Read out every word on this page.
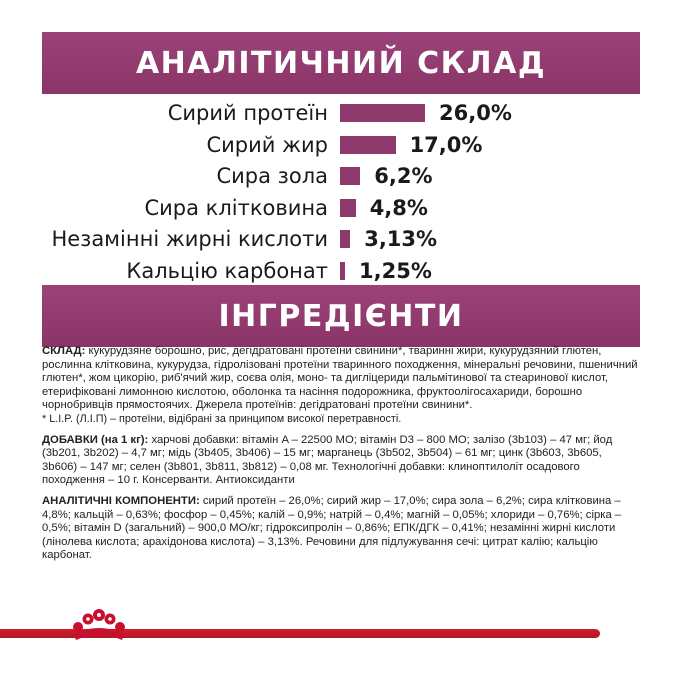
АНАЛІТИЧНИЙ СКЛАД
Сирий протеїн	26,0%
Сирий жир	17,0%
Сира зола 6,2%
Сира клітковина 4,8%
Незамінні жирні кислоти 3,13%
Кальцію карбонат 1,25%
ІНГРЕДІЄНТИ

СКЛАД: кукурудзяне борошно, рис, дегідратовані протеїни свинини*, тваринні жири, кукурудзяний глютен, рослинна клітковина, кукурудза, гідролізовані протеїни тваринного походження, мінеральні речовини, пшеничний глютен*, жом цикорію, риб'ячий жир, соєва олія, моно- та дигліцериди пальмітинової та стеаринової кислот, етерифіковані лимонною кислотою, оболонка та насіння подорожника, фруктоолігосахариди, борошно чорнобривців прямостоячих. Джерела протеїнів: дегідратовані протеїни свинини*.

* L.I.P. (Л.І.П) – протеїни, відібрані за принципом високої перетравності.

ДОБАВКИ (на 1 кг): харчові добавки: вітамін A – 22500 МО; вітамін D3 – 800 МО; залізо (3b103) – 47 мг; йод (3b201, 3b202) – 4,7 мг; мідь (3b405, 3b406) – 15 мг; марганець (3b502, 3b504) – 61 мг; цинк (3b603, 3b605, 3b606) – 147 мг; селен (3b801, 3b811, 3b812) – 0,08 мг. Технологічні добавки: клиноптилоліт осадового походження – 10 г. Консерванти. Антиоксиданти

АНАЛІТИЧНІ КОМПОНЕНТИ: сирий протеїн – 26,0%; сирий жир – 17,0%; сира зола – 6,2%; сира клітковина – 4,8%; кальцій – 0,63%; фосфор – 0,45%; калій – 0,9%; натрій – 0,4%; магній – 0,05%; хлориди – 0,76%; сірка – 0,5%; вітамін D (загальний) – 900,0 МО/кг; гідроксипролін – 0,86%; ЕПК/ДГК – 0,41%; незамінні жирні кислоти (лінолева кислота; арахідонова кислота) – 3,13%. Речовини для підлужування сечі: цитрат калію; кальцію карбонат.
